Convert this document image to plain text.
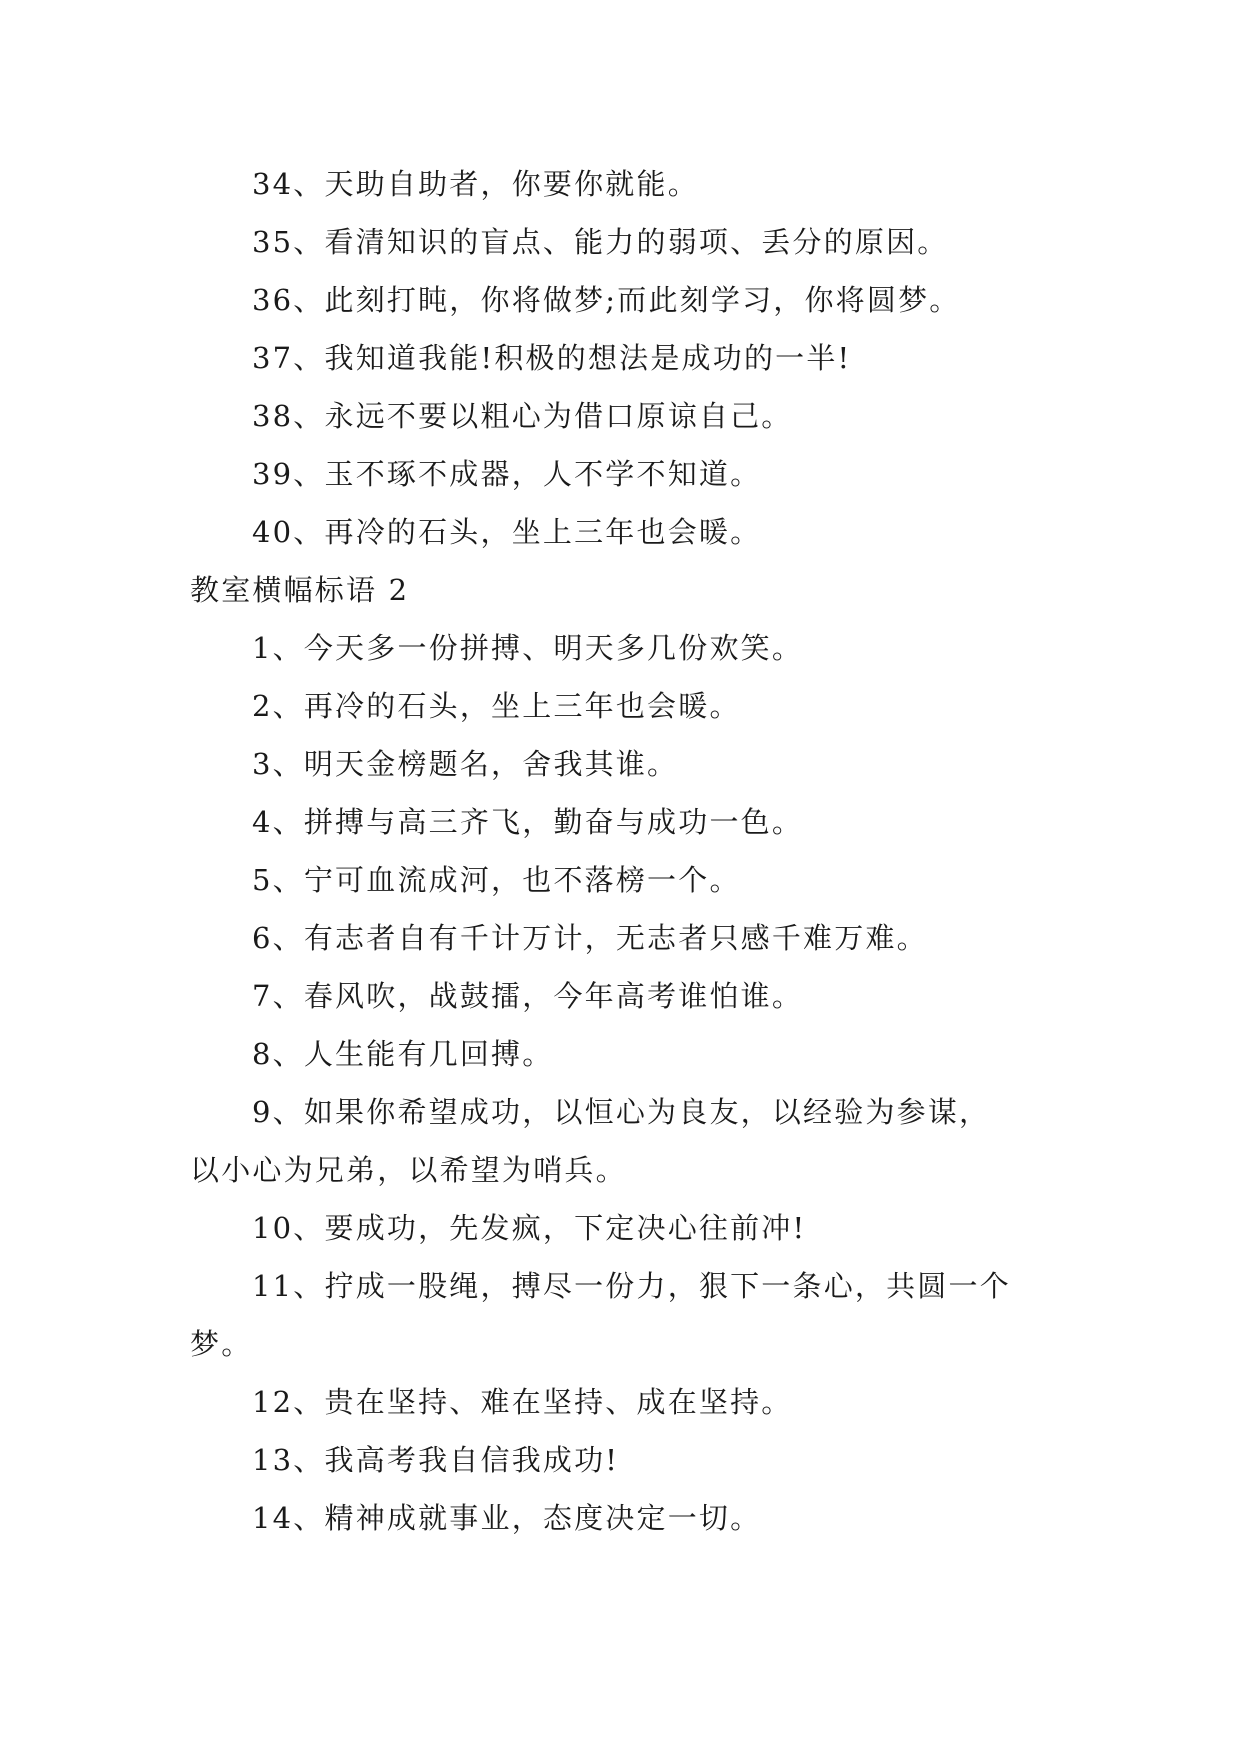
34、天助自助者，你要你就能。
35、看清知识的盲点、能力的弱项、丢分的原因。
36、此刻打盹，你将做梦;而此刻学习，你将圆梦。
37、我知道我能!积极的想法是成功的一半!
38、永远不要以粗心为借口原谅自己。
39、玉不琢不成器，人不学不知道。
40、再冷的石头，坐上三年也会暖。
教室横幅标语 2
1、今天多一份拼搏、明天多几份欢笑。
2、再冷的石头，坐上三年也会暖。
3、明天金榜题名，舍我其谁。
4、拼搏与高三齐飞，勤奋与成功一色。
5、宁可血流成河，也不落榜一个。
6、有志者自有千计万计，无志者只感千难万难。
7、春风吹，战鼓擂，今年高考谁怕谁。
8、人生能有几回搏。
9、如果你希望成功，以恒心为良友，以经验为参谋，
以小心为兄弟，以希望为哨兵。
10、要成功，先发疯，下定决心往前冲!
11、拧成一股绳，搏尽一份力，狠下一条心，共圆一个
梦。
12、贵在坚持、难在坚持、成在坚持。
13、我高考我自信我成功!
14、精神成就事业，态度决定一切。
